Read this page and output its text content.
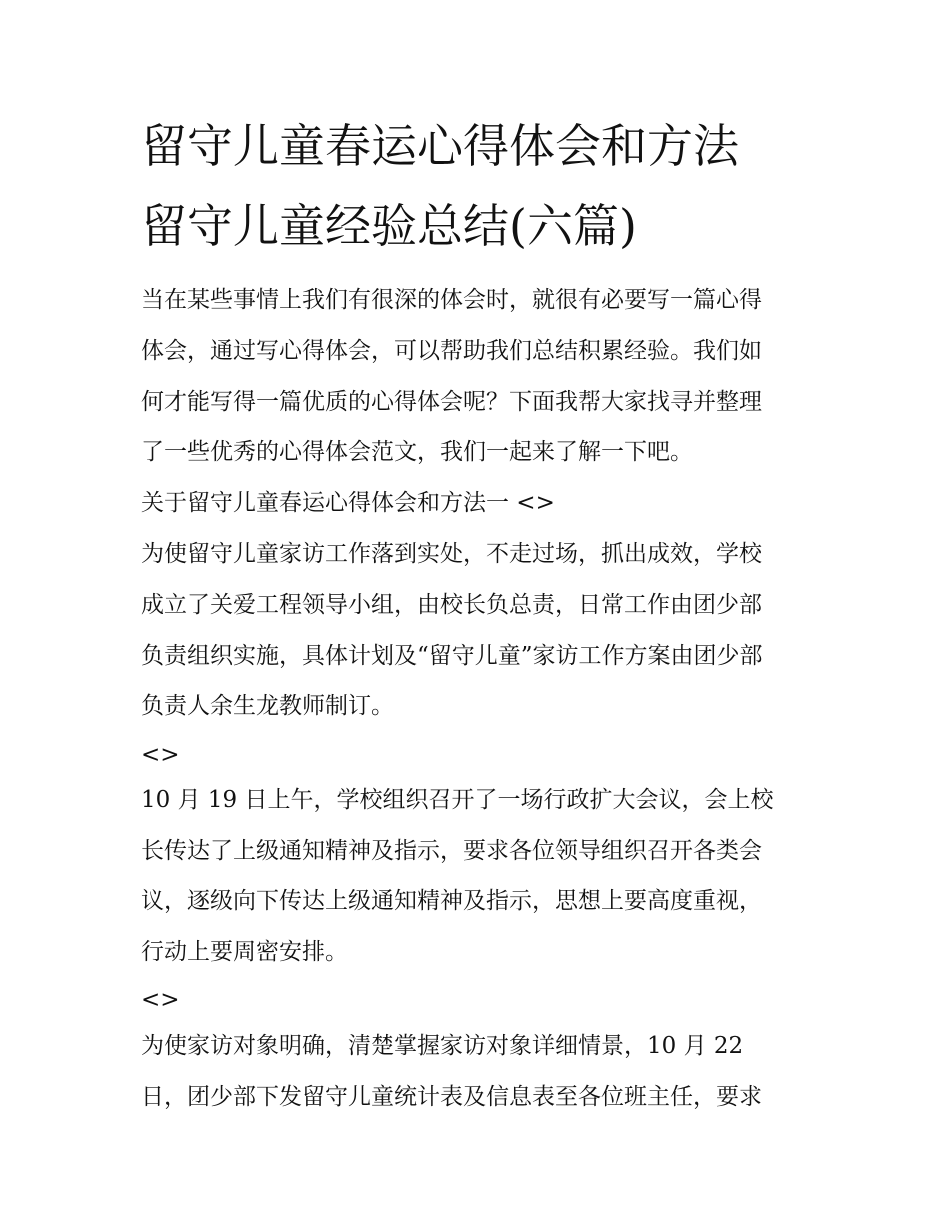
留守儿童春运心得体会和方法
留守儿童经验总结(六篇)
当在某些事情上我们有很深的体会时，就很有必要写一篇心得
体会，通过写心得体会，可以帮助我们总结积累经验。我们如
何才能写得一篇优质的心得体会呢？下面我帮大家找寻并整理
了一些优秀的心得体会范文，我们一起来了解一下吧。
关于留守儿童春运心得体会和方法一 <>
为使留守儿童家访工作落到实处，不走过场，抓出成效，学校
成立了关爱工程领导小组，由校长负总责，日常工作由团少部
负责组织实施，具体计划及“留守儿童”家访工作方案由团少部
负责人余生龙教师制订。
<>
10 月 19 日上午，学校组织召开了一场行政扩大会议，会上校
长传达了上级通知精神及指示，要求各位领导组织召开各类会
议，逐级向下传达上级通知精神及指示，思想上要高度重视，
行动上要周密安排。
<>
为使家访对象明确，清楚掌握家访对象详细情景，10 月 22
日，团少部下发留守儿童统计表及信息表至各位班主任，要求
